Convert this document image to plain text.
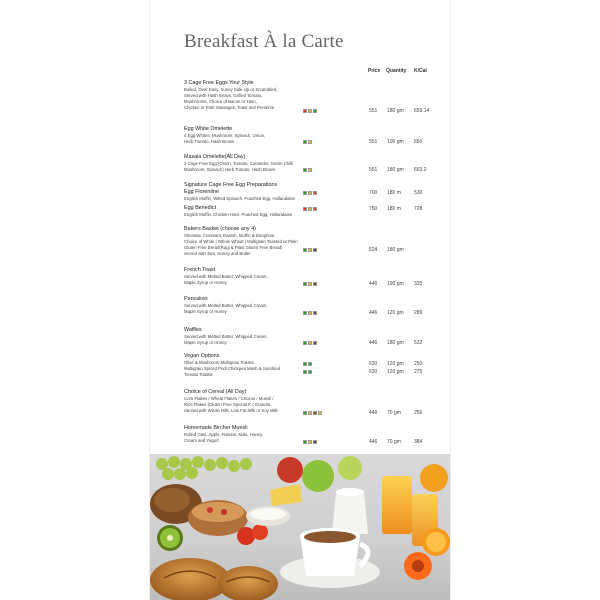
Breakfast À la Carte
Price Quantity K/Cal
3 Cage Free Eggs Your Style
Boiled, Over Easy, Sunny Side Up or Scrambled,
Served with Hash Brown, Grilled Tomato,
Mushrooms, Choice of Bacon or Ham,
Chicken or Pork Sausages, Toast and Preserve
551 180 gm 659.14
Egg White Omelette
4 Egg Whites, Mushroom, Spinach, Onion,
Herb Tomato, Hash Brown	551 100 gm 650
Masala Omelette(All Day)
3 Cage Free Egg (Onion, Tomato, Coriander, Green Chilli
Mushroom, Spinach) Herb Tomato, Hash Brown	551 180 gm 663.2
Signature Cage Free Egg Preparations
Egg Florentine
English Muffin, Wilted Spinach, Poached Egg, Hollandaise
700 180 m	530
Egg Benedict
English Muffin, Chicken Ham, Poached Egg, Hollandaise
750 180 m	728
Bakers Basket (choose any 4)
Sheraton Croissant, Danish, Muffin & Doughnut
Choice of White | Whole Wheat | Multigrain Toasted or Plain
Gluten Free Bread(Ragi & Plain Gluten Free Bread)
served with Jam, Honey and Butter
524 180 gm
French Toast
Served with Melted Butter, Whipped Cream,
Maple Syrup or Honey	446 190 gm 335
Pancakes
Served with Melted Butter, Whipped Cream,
Maple Syrup or Honey	446 120 gm 289
Waffles
Served with Melted Butter, Whipped Cream,
Maple Syrup or Honey	446 180 gm 532
Vegan Options
Olive & Mushroom Multigrain Toastie
Multigrain Spiced Podi Chickpea Mash & Sundried
Tomato Toastie
630 120 gm 250
630 120 gm 275
Choice of Cereal (All Day)
Corn Flakes / Wheat Flakes / Chocos / Muesli /
Rice Flakes (Gluten Free Special K / Granola
Served with Whole Milk, Low Fat Milk or Soy Milk	446 70 gm	256
Homemade Bircher Muesli
Rolled Oats, Apple, Raisins, Nuts, Honey,
Cream and Yogurt	446 70 gm	384
